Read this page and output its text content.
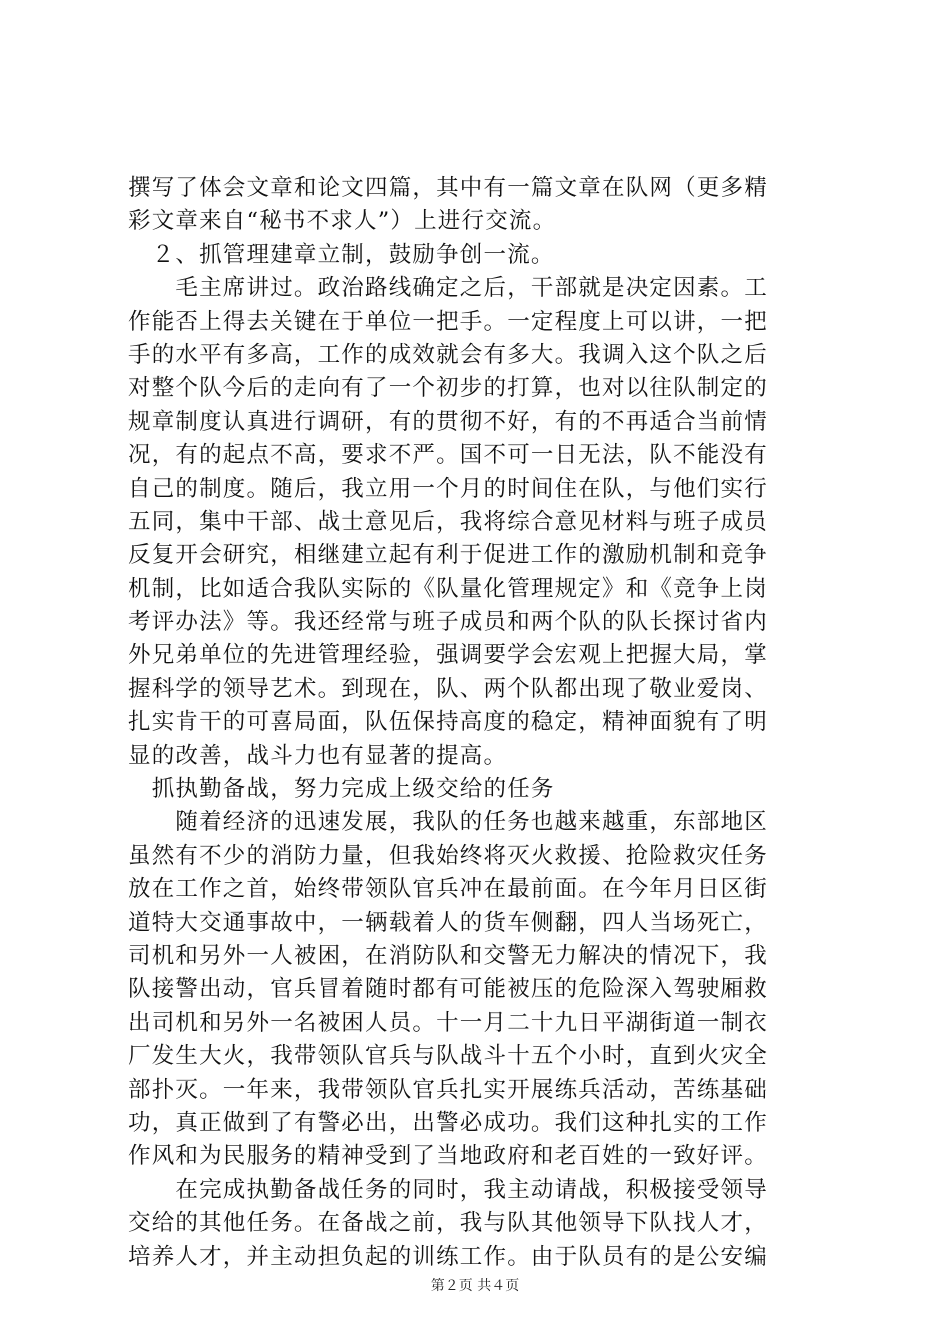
撰写了体会文章和论文四篇，其中有一篇文章在队网（更多精
彩文章来自“秘书不求人”）上进行交流。
　２、抓管理建章立制，鼓励争创一流。
　　毛主席讲过。政治路线确定之后，干部就是决定因素。工
作能否上得去关键在于单位一把手。一定程度上可以讲，一把
手的水平有多高，工作的成效就会有多大。我调入这个队之后
对整个队今后的走向有了一个初步的打算，也对以往队制定的
规章制度认真进行调研，有的贯彻不好，有的不再适合当前情
况，有的起点不高，要求不严。国不可一日无法，队不能没有
自己的制度。随后，我立用一个月的时间住在队，与他们实行
五同，集中干部、战士意见后，我将综合意见材料与班子成员
反复开会研究，相继建立起有利于促进工作的激励机制和竞争
机制，比如适合我队实际的《队量化管理规定》和《竞争上岗
考评办法》等。我还经常与班子成员和两个队的队长探讨省内
外兄弟单位的先进管理经验，强调要学会宏观上把握大局，掌
握科学的领导艺术。到现在，队、两个队都出现了敬业爱岗、
扎实肯干的可喜局面，队伍保持高度的稳定，精神面貌有了明
显的改善，战斗力也有显著的提高。
　抓执勤备战，努力完成上级交给的任务
　　随着经济的迅速发展，我队的任务也越来越重，东部地区
虽然有不少的消防力量，但我始终将灭火救援、抢险救灾任务
放在工作之首，始终带领队官兵冲在最前面。在今年月日区街
道特大交通事故中，一辆载着人的货车侧翻，四人当场死亡，
司机和另外一人被困，在消防队和交警无力解决的情况下，我
队接警出动，官兵冒着随时都有可能被压的危险深入驾驶厢救
出司机和另外一名被困人员。十一月二十九日平湖街道一制衣
厂发生大火，我带领队官兵与队战斗十五个小时，直到火灾全
部扑灭。一年来，我带领队官兵扎实开展练兵活动，苦练基础
功，真正做到了有警必出，出警必成功。我们这种扎实的工作
作风和为民服务的精神受到了当地政府和老百姓的一致好评。
　　在完成执勤备战任务的同时，我主动请战，积极接受领导
交给的其他任务。在备战之前，我与队其他领导下队找人才，
培养人才，并主动担负起的训练工作。由于队员有的是公安编
第２页 共４页
